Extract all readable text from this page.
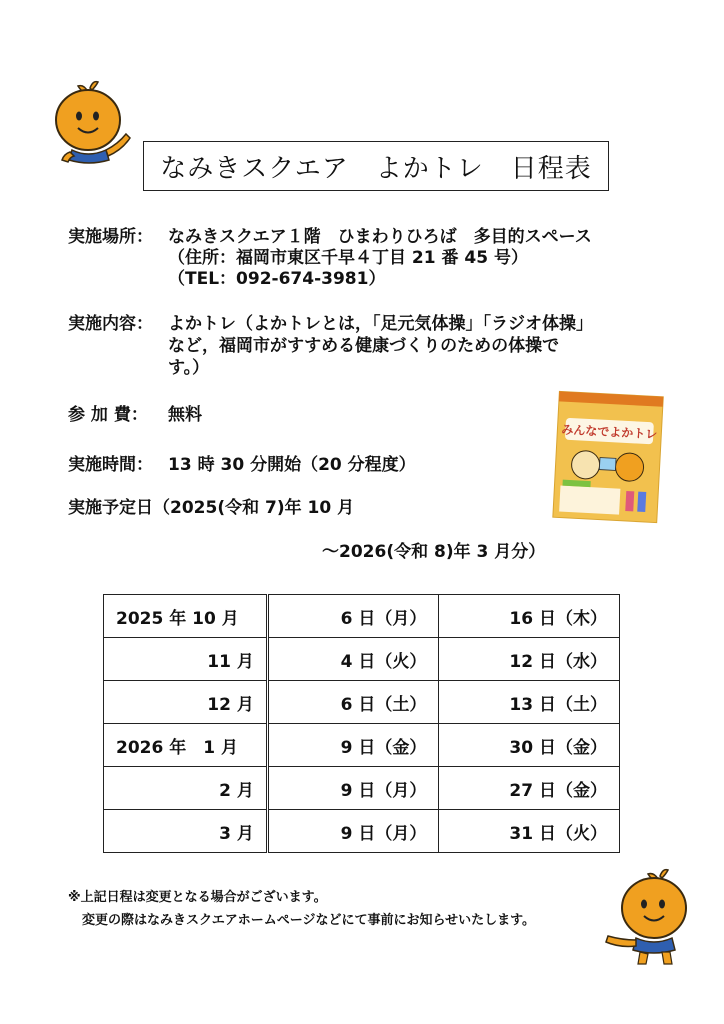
なみきスクエア　よかトレ　日程表
実施場所： なみきスクエア１階　ひまわりひろば　多目的スペース
（住所：福岡市東区千早４丁目 21 番 45 号）
（TEL：092-674-3981）
実施内容： よかトレ（よかトレとは，「足元気体操」「ラジオ体操」
など，福岡市がすすめる健康づくりのための体操で
す。）
参 加 費： 無料
実施時間： 13 時 30 分開始（20 分程度）
実施予定日（2025(令和 7)年 10 月
～2026(令和 8)年 3 月分）
みんなでよかトレ
2025 年 10 月	6 日（月）	16 日（木）
11 月	4 日（火）	12 日（水）
12 月	6 日（土）	13 日（土）
2026 年　1 月	9 日（金）	30 日（金）
2 月	9 日（月）	27 日（金）
3 月	9 日（月）	31 日（火）
※上記日程は変更となる場合がございます。
変更の際はなみきスクエアホームページなどにて事前にお知らせいたします。
